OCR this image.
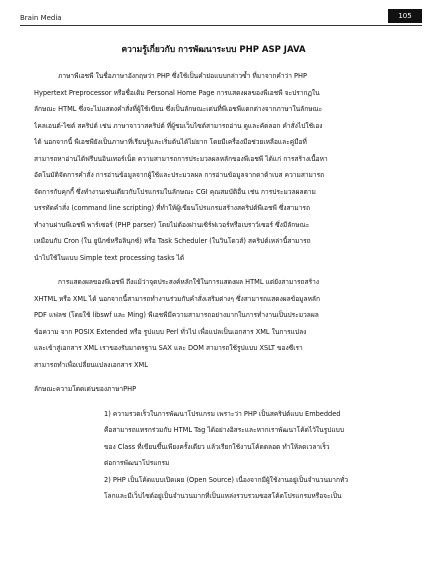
Brain Media	105
ความรู้เกี่ยวกับ การพัฒนาระบบ PHP ASP JAVA
ภาษาพีเอชพี ในชื่อภาษาอังกฤษว่า PHP ซึ่งใช้เป็นคำย่อแบบกล่าวซ้ำ ที่มาจากคำว่า PHP
Hypertext Preprocessor หรือชื่อเดิม Personal Home Page การแสดงผลของพีเอชพี จะปรากฏใน
ลักษณะ HTML ซึ่งจะไม่แสดงคำสั่งที่ผู้ใช้เขียน ซึ่งเป็นลักษณะเด่นที่พีเอชพีแตกต่างจากภาษาในลักษณะ
ไคลเอนต์-ไซด์ สคริปต์ เช่น ภาษาจาวาสคริปต์ ที่ผู้ชมเว็บไซต์สามารถอ่าน ดูและคัดลอก คำสั่งไปใช้เอง
ได้ นอกจากนี้ พีเอชพียังเป็นภาษาที่เรียนรู้และเริ่มต้นได้ไม่ยาก โดยมีเครื่องมือช่วยเหลือและคู่มือที่
สามารถหาอ่านได้ฟรีบนอินเทอร์เน็ต ความสามารถการประมวลผลหลักของพีเอชพี ได้แก่ การสร้างเนื้อหา
อัตโนมัติจัดการคำสั่ง การอ่านข้อมูลจากผู้ใช้และประมวลผล การอ่านข้อมูลจากดาต้าเบส ความสามารถ
จัดการกับคุกกี้ ซึ่งทำงานเช่นเดียวกับโปรแกรมในลักษณะ CGI คุณสมบัติอื่น เช่น การประมวลผลตาม
บรรทัดคำสั่ง (command line scripting) ที่ทำให้ผู้เขียนโปรแกรมสร้างสคริปต์พีเอชพี ซึ่งสามารถ
ทำงานผ่านพีเอชพี พาร์เซอร์ (PHP parser) โดยไม่ต้องผ่านเซิร์ฟเวอร์หรือเบราว์เซอร์ ซึ่งมีลักษณะ
เหมือนกับ Cron (ใน ยูนิกซ์หรือลินุกซ์) หรือ Task Scheduler (ในวินโดวส์) สคริปต์เหล่านี้สามารถ
นำไปใช้ในแบบ Simple text processing tasks ได้
การแสดงผลของพีเอชพี ถึงแม้ว่าจุดประสงค์หลักใช้ในการแสดงผล HTML แต่ยังสามารถสร้าง
XHTML หรือ XML ได้ นอกจากนี้สามารถทำงานร่วมกับคำสั่งเสริมต่างๆ ซึ่งสามารถแสดงผลข้อมูลหลัก
PDF แฟลช (โดยใช้ libswf และ Ming) พีเอชพีมีความสามารถอย่างมากในการทำงานเป็นประมวลผล
ข้อความ จาก POSIX Extended หรือ รูปแบบ Perl ทั่วไป เพื่อแปลเป็นเอกสาร XML ในการแปลง
และเข้าสู่เอกสาร XML เราของรับมาตรฐาน SAX และ DOM สามารถใช้รูปแบบ XSLT ของซีเรา
สามารถทำเพื่อเปลี่ยนแปลงเอกสาร XML
ลักษณะความโดดเด่นของภาษาPHP
1) ความรวดเร็วในการพัฒนาโปรแกรม เพราะว่า PHP เป็นสคริปต์แบบ Embedded
คือสามารถแทรกร่วมกับ HTML Tag ได้อย่างอิสระและหากเราพัฒนาโค้ดไว้ในรูปแบบ
ของ Class ที่เขียนขึ้นเพียงครั้งเดียว แล้วเรียกใช้งานโค้ดตลอด ทำให้ลดเวลาเร็ว
ต่อการพัฒนาโปรแกรม
2) PHP เป็นโค้ดแบบเปิดเผย (Open Source) เนื่องจากมีผู้ใช้งานอยู่เป็นจำนวนมากทั่ว
โลกและมีเว็บไซต์อยู่เป็นจำนวนมากที่เป็นแหล่งรวบรวมซอสโค้ดโปรแกรมหรือจะเป็น
